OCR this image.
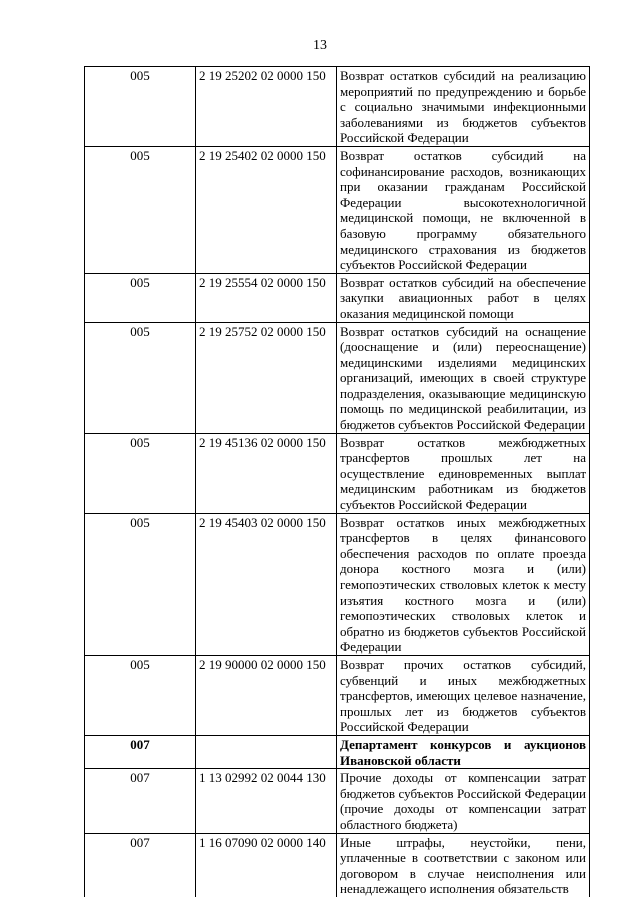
13
005	2 19 25202 02 0000 150	Возврат остатков субсидий на реализацию мероприятий по предупреждению и борьбе с социально значимыми инфекционными заболеваниями из бюджетов субъектов Российской Федерации
005	2 19 25402 02 0000 150	Возврат остатков субсидий на софинансирование расходов, возникающих при оказании гражданам Российской Федерации высокотехнологичной медицинской помощи, не включенной в базовую программу обязательного медицинского страхования из бюджетов субъектов Российской Федерации
005	2 19 25554 02 0000 150	Возврат остатков субсидий на обеспечение закупки авиационных работ в целях оказания медицинской помощи
005	2 19 25752 02 0000 150	Возврат остатков субсидий на оснащение (дооснащение и (или) переоснащение) медицинскими изделиями медицинских организаций, имеющих в своей структуре подразделения, оказывающие медицинскую помощь по медицинской реабилитации, из бюджетов субъектов Российской Федерации
005	2 19 45136 02 0000 150	Возврат остатков межбюджетных трансфертов прошлых лет на осуществление единовременных выплат медицинским работникам из бюджетов субъектов Российской Федерации
005	2 19 45403 02 0000 150	Возврат остатков иных межбюджетных трансфертов в целях финансового обеспечения расходов по оплате проезда донора костного мозга и (или) гемопоэтических стволовых клеток к месту изъятия костного мозга и (или) гемопоэтических стволовых клеток и обратно из бюджетов субъектов Российской Федерации
005	2 19 90000 02 0000 150	Возврат прочих остатков субсидий, субвенций и иных межбюджетных трансфертов, имеющих целевое назначение, прошлых лет из бюджетов субъектов Российской Федерации
007		Департамент конкурсов и аукционов Ивановской области
007	1 13 02992 02 0044 130	Прочие доходы от компенсации затрат бюджетов субъектов Российской Федерации (прочие доходы от компенсации затрат областного бюджета)
007	1 16 07090 02 0000 140	Иные штрафы, неустойки, пени, уплаченные в соответствии с законом или договором в случае неисполнения или ненадлежащего исполнения обязательств
